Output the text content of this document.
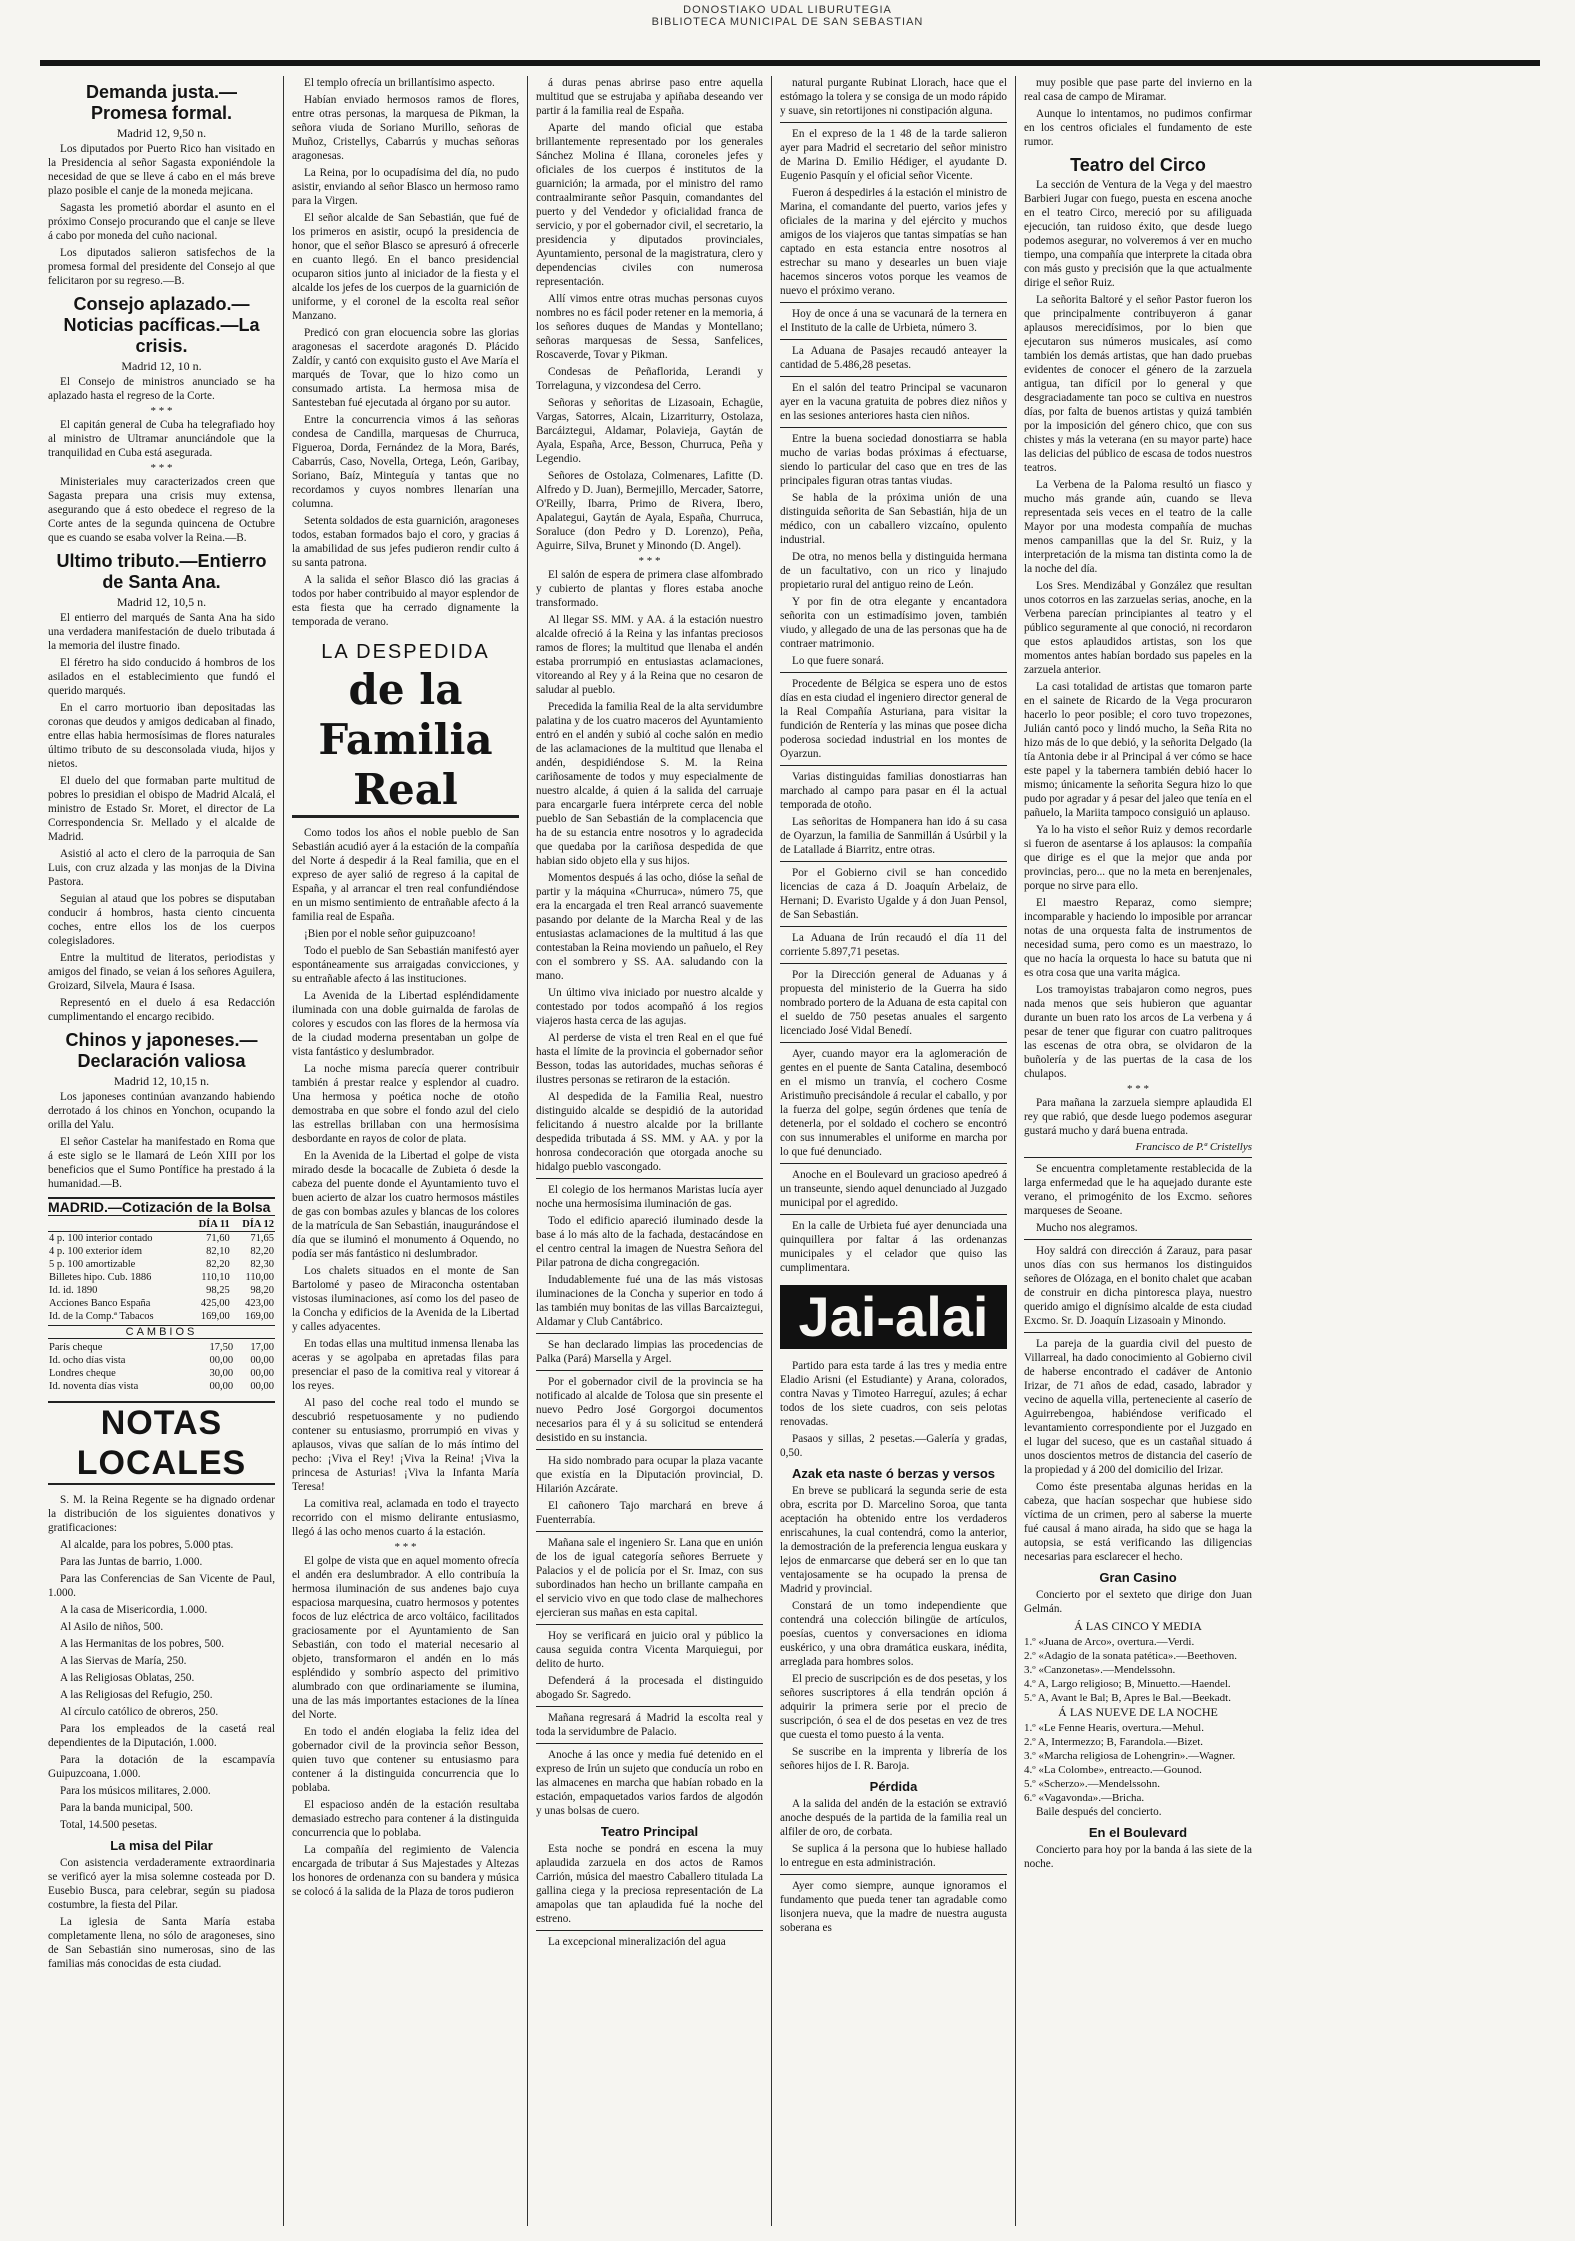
DONOSTIAKO UDAL LIBURUTEGIA
BIBLIOTECA MUNICIPAL DE SAN SEBASTIAN
Demanda justa.—Promesa formal.
Madrid 12, 9,50 n.

Los diputados por Puerto Rico han visitado en la Presidencia al señor Sagasta exponiéndole la necesidad de que se lleve á cabo en el más breve plazo posible el canje de la moneda mejicana.

Sagasta les prometió abordar el asunto en el próximo Consejo procurando que el canje se lleve á cabo por moneda del cuño nacional.

Los diputados salieron satisfechos de la promesa formal del presidente del Consejo al que felicitaron por su regreso.—B.

Consejo aplazado.—Noticias pacíficas.—La crisis.
Madrid 12, 10 n.

El Consejo de ministros anunciado se ha aplazado hasta el regreso de la Corte.

* * *

El capitán general de Cuba ha telegrafiado hoy al ministro de Ultramar anunciándole que la tranquilidad en Cuba está asegurada.

* * *

Ministeriales muy caracterizados creen que Sagasta prepara una crisis muy extensa, asegurando que á esto obedece el regreso de la Corte antes de la segunda quincena de Octubre que es cuando se esaba volver la Reina.—B.

Ultimo tributo.—Entierro de Santa Ana.
Madrid 12, 10,5 n.

El entierro del marqués de Santa Ana ha sido una verdadera manifestación de duelo tributada á la memoria del ilustre finado.

El féretro ha sido conducido á hombros de los asilados en el establecimiento que fundó el querido marqués.

En el carro mortuorio iban depositadas las coronas que deudos y amigos dedicaban al finado, entre ellas habia hermosísimas de flores naturales último tributo de su desconsolada viuda, hijos y nietos.

El duelo del que formaban parte multitud de pobres lo presidian el obispo de Madrid Alcalá, el ministro de Estado Sr. Moret, el director de La Correspondencia Sr. Mellado y el alcalde de Madrid.

Asistió al acto el clero de la parroquia de San Luis, con cruz alzada y las monjas de la Divina Pastora.

Seguian al ataud que los pobres se disputaban conducir á hombros, hasta ciento cincuenta coches, entre ellos los de los cuerpos colegisladores.

Entre la multitud de literatos, periodistas y amigos del finado, se veian á los señores Aguilera, Groizard, Silvela, Maura é Isasa.

Representó en el duelo á esa Redacción cumplimentando el encargo recibido.

Chinos y japoneses.—Declaración valiosa
Madrid 12, 10,15 n.

Los japoneses continúan avanzando habiendo derrotado á los chinos en Yonchon, ocupando la orilla del Yalu.

El señor Castelar ha manifestado en Roma que á este siglo se le llamará de León XIII por los beneficios que el Sumo Pontífice ha prestado á la humanidad.—B.

MADRID.—Cotización de la Bolsa
	DÍA 11	DÍA 12
4 p. 100 interior contado	71,60	71,65
4 p. 100 exterior ídem	82,10	82,20
5 p. 100 amortizable	82,20	82,30
Billetes hipo. Cub. 1886	110,10	110,00
Id. id. 1890	98,25	98,20
Acciones Banco España	425,00	423,00
Id. de la Comp.ª Tabacos	169,00	169,00
CAMBIOS
París cheque	17,50	17,00
Id. ocho días vista	00,00	00,00
Londres cheque	30,00	00,00
Id. noventa días vista	00,00	00,00
NOTAS LOCALES

S. M. la Reina Regente se ha dignado ordenar la distribución de los siguientes donativos y gratificaciones:

Al alcalde, para los pobres, 5.000 ptas.

Para las Juntas de barrio, 1.000.

Para las Conferencias de San Vicente de Paul, 1.000.

A la casa de Misericordia, 1.000.

Al Asilo de niños, 500.

A las Hermanitas de los pobres, 500.

A las Siervas de María, 250.

A las Religiosas Oblatas, 250.

A las Religiosas del Refugio, 250.

Al círculo católico de obreros, 250.

Para los empleados de la casetá real dependientes de la Diputación, 1.000.

Para la dotación de la escampavía Guipuzcoana, 1.000.

Para los músicos militares, 2.000.

Para la banda municipal, 500.

Total, 14.500 pesetas.

La misa del Pilar

Con asistencia verdaderamente extraordinaria se verificó ayer la misa solemne costeada por D. Eusebio Busca, para celebrar, según su piadosa costumbre, la fiesta del Pilar.

La iglesia de Santa María estaba completamente llena, no sólo de aragoneses, sino de San Sebastián sino numerosas, sino de las familias más conocidas de esta ciudad.

El templo ofrecía un brillantísimo aspecto.

Habían enviado hermosos ramos de flores, entre otras personas, la marquesa de Pikman, la señora viuda de Soriano Murillo, señoras de Muñoz, Cristellys, Cabarrús y muchas señoras aragonesas.

La Reina, por lo ocupadísima del día, no pudo asistir, enviando al señor Blasco un hermoso ramo para la Virgen.

El señor alcalde de San Sebastián, que fué de los primeros en asistir, ocupó la presidencia de honor, que el señor Blasco se apresuró á ofrecerle en cuanto llegó. En el banco presidencial ocuparon sitios junto al iniciador de la fiesta y el alcalde los jefes de los cuerpos de la guarnición de uniforme, y el coronel de la escolta real señor Manzano.

Predicó con gran elocuencia sobre las glorias aragonesas el sacerdote aragonés D. Plácido Zaldír, y cantó con exquisito gusto el Ave María el marqués de Tovar, que lo hizo como un consumado artista. La hermosa misa de Santesteban fué ejecutada al órgano por su autor.

Entre la concurrencia vimos á las señoras condesa de Candilla, marquesas de Churruca, Figueroa, Dorda, Fernández de la Mora, Barés, Cabarrús, Caso, Novella, Ortega, León, Garibay, Soriano, Baíz, Minteguía y tantas que no recordamos y cuyos nombres llenarían una columna.

Setenta soldados de esta guarnición, aragoneses todos, estaban formados bajo el coro, y gracias á la amabilidad de sus jefes pudieron rendir culto á su santa patrona.

A la salida el señor Blasco dió las gracias á todos por haber contribuido al mayor esplendor de esta fiesta que ha cerrado dignamente la temporada de verano.

LA DESPEDIDA
de la Familia Real

Como todos los años el noble pueblo de San Sebastián acudió ayer á la estación de la compañía del Norte á despedir á la Real familia, que en el expreso de ayer salió de regreso á la capital de España, y al arrancar el tren real confundiéndose en un mismo sentimiento de entrañable afecto á la familia real de España.

¡Bien por el noble señor guipuzcoano!

Todo el pueblo de San Sebastián manifestó ayer espontáneamente sus arraigadas convicciones, y su entrañable afecto á las instituciones.

La Avenida de la Libertad espléndidamente iluminada con una doble guirnalda de farolas de colores y escudos con las flores de la hermosa vía de la ciudad moderna presentaban un golpe de vista fantástico y deslumbrador.

La noche misma parecía querer contribuir también á prestar realce y esplendor al cuadro. Una hermosa y poética noche de otoño demostraba en que sobre el fondo azul del cielo las estrellas brillaban con una hermosísima desbordante en rayos de color de plata.

En la Avenida de la Libertad el golpe de vista mirado desde la bocacalle de Zubieta ó desde la cabeza del puente donde el Ayuntamiento tuvo el buen acierto de alzar los cuatro hermosos mástiles de gas con bombas azules y blancas de los colores de la matrícula de San Sebastián, inaugurándose el día que se iluminó el monumento á Oquendo, no podía ser más fantástico ni deslumbrador.

Los chalets situados en el monte de San Bartolomé y paseo de Miraconcha ostentaban vistosas iluminaciones, así como los del paseo de la Concha y edificios de la Avenida de la Libertad y calles adyacentes.

En todas ellas una multitud inmensa llenaba las aceras y se agolpaba en apretadas filas para presenciar el paso de la comitiva real y vitorear á los reyes.

Al paso del coche real todo el mundo se descubrió respetuosamente y no pudiendo contener su entusiasmo, prorrumpió en vivas y aplausos, vivas que salían de lo más íntimo del pecho: ¡Viva el Rey! ¡Viva la Reina! ¡Viva la princesa de Asturias! ¡Viva la Infanta María Teresa!

La comitiva real, aclamada en todo el trayecto recorrido con el mismo delirante entusiasmo, llegó á las ocho menos cuarto á la estación.

* * *

El golpe de vista que en aquel momento ofrecía el andén era deslumbrador. A ello contribuía la hermosa iluminación de sus andenes bajo cuya espaciosa marquesina, cuatro hermosos y potentes focos de luz eléctrica de arco voltáico, facilitados graciosamente por el Ayuntamiento de San Sebastián, con todo el material necesario al objeto, transformaron el andén en lo más espléndido y sombrío aspecto del primitivo alumbrado con que ordinariamente se ilumina, una de las más importantes estaciones de la línea del Norte.

En todo el andén elogiaba la feliz idea del gobernador civil de la provincia señor Besson, quien tuvo que contener su entusiasmo para contener á la distinguida concurrencia que lo poblaba.

El espacioso andén de la estación resultaba demasiado estrecho para contener á la distinguida concurrencia que lo poblaba.

La compañía del regimiento de Valencia encargada de tributar á Sus Majestades y Altezas los honores de ordenanza con su bandera y música se colocó á la salida de la Plaza de toros pudieron

á duras penas abrirse paso entre aquella multitud que se estrujaba y apiñaba deseando ver partir á la familia real de España.

Aparte del mando oficial que estaba brillantemente representado por los generales Sánchez Molina é Illana, coroneles jefes y oficiales de los cuerpos é institutos de la guarnición; la armada, por el ministro del ramo contraalmirante señor Pasquin, comandantes del puerto y del Vendedor y oficialidad franca de servicio, y por el gobernador civil, el secretario, la presidencia y diputados provinciales, Ayuntamiento, personal de la magistratura, clero y dependencias civiles con numerosa representación.

Allí vimos entre otras muchas personas cuyos nombres no es fácil poder retener en la memoria, á los señores duques de Mandas y Montellano; señoras marquesas de Sessa, Sanfelices, Roscaverde, Tovar y Pikman.

Condesas de Peñaflorida, Lerandi y Torrelaguna, y vizcondesa del Cerro.

Señoras y señoritas de Lizasoain, Echagüe, Vargas, Satorres, Alcain, Lizarriturry, Ostolaza, Barcáiztegui, Aldamar, Polavieja, Gaytán de Ayala, España, Arce, Besson, Churruca, Peña y Legendio.

Señores de Ostolaza, Colmenares, Lafitte (D. Alfredo y D. Juan), Bermejillo, Mercader, Satorre, O'Reilly, Ibarra, Primo de Rivera, Ibero, Apalategui, Gaytán de Ayala, España, Churruca, Soraluce (don Pedro y D. Lorenzo), Peña, Aguirre, Silva, Brunet y Minondo (D. Angel).

* * *

El salón de espera de primera clase alfombrado y cubierto de plantas y flores estaba anoche transformado.

Al llegar SS. MM. y AA. á la estación nuestro alcalde ofreció á la Reina y las infantas preciosos ramos de flores; la multitud que llenaba el andén estaba prorrumpió en entusiastas aclamaciones, vitoreando al Rey y á la Reina que no cesaron de saludar al pueblo.

Precedida la familia Real de la alta servidumbre palatina y de los cuatro maceros del Ayuntamiento entró en el andén y subió al coche salón en medio de las aclamaciones de la multitud que llenaba el andén, despidiéndose S. M. la Reina cariñosamente de todos y muy especialmente de nuestro alcalde, á quien á la salida del carruaje para encargarle fuera intérprete cerca del noble pueblo de San Sebastián de la complacencia que ha de su estancia entre nosotros y lo agradecida que quedaba por la cariñosa despedida de que habian sido objeto ella y sus hijos.

Momentos después á las ocho, dióse la señal de partir y la máquina «Churruca», número 75, que era la encargada el tren Real arrancó suavemente pasando por delante de la Marcha Real y de las entusiastas aclamaciones de la multitud á las que contestaban la Reina moviendo un pañuelo, el Rey con el sombrero y SS. AA. saludando con la mano.

Un último viva iniciado por nuestro alcalde y contestado por todos acompañó á los regios viajeros hasta cerca de las agujas.

Al perderse de vista el tren Real en el que fué hasta el límite de la provincia el gobernador señor Besson, todas las autoridades, muchas señoras é ilustres personas se retiraron de la estación.

Al despedida de la Familia Real, nuestro distinguido alcalde se despidió de la autoridad felicitando á nuestro alcalde por la brillante despedida tributada á SS. MM. y AA. y por la honrosa condecoración que otorgada anoche su hidalgo pueblo vascongado.

El colegio de los hermanos Maristas lucía ayer noche una hermosísima iluminación de gas.

Todo el edificio apareció iluminado desde la base á lo más alto de la fachada, destacándose en el centro central la imagen de Nuestra Señora del Pilar patrona de dicha congregación.

Indudablemente fué una de las más vistosas iluminaciones de la Concha y superior en todo á las también muy bonitas de las villas Barcaiztegui, Aldamar y Club Cantábrico.

Se han declarado limpias las procedencias de Palka (Pará) Marsella y Argel.

Por el gobernador civil de la provincia se ha notificado al alcalde de Tolosa que sin presente el nuevo Pedro José Gorgorgoi documentos necesarios para él y á su solicitud se entenderá desistido en su instancia.

Ha sido nombrado para ocupar la plaza vacante que existía en la Diputación provincial, D. Hilarión Azcárate.

El cañonero Tajo marchará en breve á Fuenterrabía.

Mañana sale el ingeniero Sr. Lana que en unión de los de igual categoría señores Berruete y Palacios y el de policía por el Sr. Imaz, con sus subordinados han hecho un brillante campaña en el servicio vivo en que todo clase de malhechores ejercieran sus mañas en esta capital.

Hoy se verificará en juicio oral y público la causa seguida contra Vicenta Marquiegui, por delito de hurto.

Defenderá á la procesada el distinguido abogado Sr. Sagredo.

Mañana regresará á Madrid la escolta real y toda la servidumbre de Palacio.

Anoche á las once y media fué detenido en el expreso de Irún un sujeto que conducía un robo en las almacenes en marcha que habían robado en la estación, empaquetados varios fardos de algodón y unas bolsas de cuero.

Teatro Principal

Esta noche se pondrá en escena la muy aplaudida zarzuela en dos actos de Ramos Carrión, música del maestro Caballero titulada La gallina ciega y la preciosa representación de La amapolas que tan aplaudida fué la noche del estreno.

La excepcional mineralización del agua

natural purgante Rubinat Llorach, hace que el estómago la tolera y se consiga de un modo rápido y suave, sin retortijones ni constipación alguna.

En el expreso de la 1 48 de la tarde salieron ayer para Madrid el secretario del señor ministro de Marina D. Emilio Hédiger, el ayudante D. Eugenio Pasquín y el oficial señor Vicente.

Fueron á despedirles á la estación el ministro de Marina, el comandante del puerto, varios jefes y oficiales de la marina y del ejército y muchos amigos de los viajeros que tantas simpatías se han captado en esta estancia entre nosotros al estrechar su mano y desearles un buen viaje hacemos sinceros votos porque les veamos de nuevo el próximo verano.

Hoy de once á una se vacunará de la ternera en el Instituto de la calle de Urbieta, número 3.

La Aduana de Pasajes recaudó anteayer la cantidad de 5.486,28 pesetas.

En el salón del teatro Principal se vacunaron ayer en la vacuna gratuita de pobres diez niños y en las sesiones anteriores hasta cien niños.

Entre la buena sociedad donostiarra se habla mucho de varias bodas próximas á efectuarse, siendo lo particular del caso que en tres de las principales figuran otras tantas viudas.

Se habla de la próxima unión de una distinguida señorita de San Sebastián, hija de un médico, con un caballero vizcaíno, opulento industrial.

De otra, no menos bella y distinguida hermana de un facultativo, con un rico y linajudo propietario rural del antiguo reino de León.

Y por fin de otra elegante y encantadora señorita con un estimadísimo joven, también viudo, y allegado de una de las personas que ha de contraer matrimonio.

Lo que fuere sonará.

Procedente de Bélgica se espera uno de estos días en esta ciudad el ingeniero director general de la Real Compañía Asturiana, para visitar la fundición de Rentería y las minas que posee dicha poderosa sociedad industrial en los montes de Oyarzun.

Varias distinguidas familias donostiarras han marchado al campo para pasar en él la actual temporada de otoño.

Las señoritas de Hompanera han ido á su casa de Oyarzun, la familia de Sanmillán á Usúrbil y la de Latallade á Biarritz, entre otras.

Por el Gobierno civil se han concedido licencias de caza á D. Joaquín Arbelaiz, de Hernani; D. Evaristo Ugalde y á don Juan Pensol, de San Sebastián.

La Aduana de Irún recaudó el día 11 del corriente 5.897,71 pesetas.

Por la Dirección general de Aduanas y á propuesta del ministerio de la Guerra ha sido nombrado portero de la Aduana de esta capital con el sueldo de 750 pesetas anuales el sargento licenciado José Vidal Benedí.

Ayer, cuando mayor era la aglomeración de gentes en el puente de Santa Catalina, desembocó en el mismo un tranvía, el cochero Cosme Aristimuño precisándole á recular el caballo, y por la fuerza del golpe, según órdenes que tenía de detenerla, por el soldado el cochero se encontró con sus innumerables el uniforme en marcha por lo que fué denunciado.

Anoche en el Boulevard un gracioso apedreó á un transeunte, siendo aquel denunciado al Juzgado municipal por el agredido.

En la calle de Urbieta fué ayer denunciada una quinquillera por faltar á las ordenanzas municipales y el celador que quiso las cumplimentara.

Jai-alai

Partido para esta tarde á las tres y media entre Eladio Arisni (el Estudiante) y Arana, colorados, contra Navas y Timoteo Harreguí, azules; á echar todos de los siete cuadros, con seis pelotas renovadas.

Pasaos y sillas, 2 pesetas.—Galería y gradas, 0,50.

Azak eta naste ó berzas y versos

En breve se publicará la segunda serie de esta obra, escrita por D. Marcelino Soroa, que tanta aceptación ha obtenido entre los verdaderos enriscahunes, la cual contendrá, como la anterior, la demostración de la preferencia lengua euskara y lejos de enmarcarse que deberá ser en lo que tan ventajosamente se ha ocupado la prensa de Madrid y provincial.

Constará de un tomo independiente que contendrá una colección bilingüe de artículos, poesías, cuentos y conversaciones en idioma euskérico, y una obra dramática euskara, inédita, arreglada para hombres solos.

El precio de suscripción es de dos pesetas, y los señores suscriptores á ella tendrán opción á adquirir la primera serie por el precio de suscripción, ó sea el de dos pesetas en vez de tres que cuesta el tomo puesto á la venta.

Se suscribe en la imprenta y librería de los señores hijos de I. R. Baroja.

Pérdida

A la salida del andén de la estación se extravió anoche después de la partida de la familia real un alfiler de oro, de corbata.

Se suplica á la persona que lo hubiese hallado lo entregue en esta administración.

Ayer como siempre, aunque ignoramos el fundamento que pueda tener tan agradable como lisonjera nueva, que la madre de nuestra augusta soberana es

muy posible que pase parte del invierno en la real casa de campo de Miramar.

Aunque lo intentamos, no pudimos confirmar en los centros oficiales el fundamento de este rumor.

Teatro del Circo

La sección de Ventura de la Vega y del maestro Barbieri Jugar con fuego, puesta en escena anoche en el teatro Circo, mereció por su afiliguada ejecución, tan ruidoso éxito, que desde luego podemos asegurar, no volveremos á ver en mucho tiempo, una compañía que interprete la citada obra con más gusto y precisión que la que actualmente dirige el señor Ruiz.

La señorita Baltoré y el señor Pastor fueron los que principalmente contribuyeron á ganar aplausos merecidísimos, por lo bien que ejecutaron sus números musicales, así como también los demás artistas, que han dado pruebas evidentes de conocer el género de la zarzuela antigua, tan difícil por lo general y que desgraciadamente tan poco se cultiva en nuestros días, por falta de buenos artistas y quizá también por la imposición del género chico, que con sus chistes y más la veterana (en su mayor parte) hace las delicias del público de escasa de todos nuestros teatros.

La Verbena de la Paloma resultó un fiasco y mucho más grande aún, cuando se lleva representada seis veces en el teatro de la calle Mayor por una modesta compañía de muchas menos campanillas que la del Sr. Ruiz, y la interpretación de la misma tan distinta como la de la noche del día.

Los Sres. Mendizábal y González que resultan unos cotorros en las zarzuelas serias, anoche, en la Verbena parecían principiantes al teatro y el público seguramente al que conoció, ni recordaron que estos aplaudidos artistas, son los que momentos antes habían bordado sus papeles en la zarzuela anterior.

La casi totalidad de artistas que tomaron parte en el sainete de Ricardo de la Vega procuraron hacerlo lo peor posible; el coro tuvo tropezones, Julián cantó poco y lindó mucho, la Seña Rita no hizo más de lo que debió, y la señorita Delgado (la tía Antonia debe ir al Principal á ver cómo se hace este papel y la tabernera también debió hacer lo mismo; únicamente la señorita Segura hizo lo que pudo por agradar y á pesar del jaleo que tenía en el pañuelo, la Mariita tampoco consiguió un aplauso.

Ya lo ha visto el señor Ruiz y demos recordarle si fueron de asentarse á los aplausos: la compañía que dirige es el que la mejor que anda por provincias, pero... que no la meta en berenjenales, porque no sirve para ello.

El maestro Reparaz, como siempre; incomparable y haciendo lo imposible por arrancar notas de una orquesta falta de instrumentos de necesidad suma, pero como es un maestrazo, lo que no hacía la orquesta lo hace su batuta que ni es otra cosa que una varita mágica.

Los tramoyistas trabajaron como negros, pues nada menos que seis hubieron que aguantar durante un buen rato los arcos de La verbena y á pesar de tener que figurar con cuatro palitroques las escenas de otra obra, se olvidaron de la buñolería y de las puertas de la casa de los chulapos.

* * *

Para mañana la zarzuela siempre aplaudida El rey que rabió, que desde luego podemos asegurar gustará mucho y dará buena entrada.

Francisco de P.ª Cristellys

Se encuentra completamente restablecida de la larga enfermedad que le ha aquejado durante este verano, el primogénito de los Excmo. señores marqueses de Seoane.

Mucho nos alegramos.

Hoy saldrá con dirección á Zarauz, para pasar unos días con sus hermanos los distinguidos señores de Olózaga, en el bonito chalet que acaban de construir en dicha pintoresca playa, nuestro querido amigo el dignísimo alcalde de esta ciudad Excmo. Sr. D. Joaquín Lizasoain y Minondo.

La pareja de la guardia civil del puesto de Villarreal, ha dado conocimiento al Gobierno civil de haberse encontrado el cadáver de Antonio Irizar, de 71 años de edad, casado, labrador y vecino de aquella villa, perteneciente al caserío de Aguirrebengoa, habiéndose verificado el levantamiento correspondiente por el Juzgado en el lugar del suceso, que es un castañal situado á unos doscientos metros de distancia del caserío de la propiedad y á 200 del domicilio del Irizar.

Como éste presentaba algunas heridas en la cabeza, que hacían sospechar que hubiese sido víctima de un crimen, pero al saberse la muerte fué causal á mano airada, ha sido que se haga la autopsia, se está verificando las diligencias necesarias para esclarecer el hecho.

Gran Casino

Concierto por el sexteto que dirige don Juan Gelmán.

Á LAS CINCO Y MEDIA
1.º «Juana de Arco», overtura.—Verdi.
2.º «Adagio de la sonata patética».—Beethoven.
3.º «Canzonetas».—Mendelssohn.
4.º A, Largo religioso; B, Minuetto.—Haendel.
5.º A, Avant le Bal; B, Apres le Bal.—Beekadt.
Á LAS NUEVE DE LA NOCHE
1.º «Le Fenne Hearis, overtura.—Mehul.
2.º A, Intermezzo; B, Farandola.—Bizet.
3.º «Marcha religiosa de Lohengrin».—Wagner.
4.º «La Colombe», entreacto.—Gounod.
5.º «Scherzo».—Mendelssohn.
6.º «Vagavonda».—Bricha.

Baile después del concierto.

En el Boulevard

Concierto para hoy por la banda á las siete de la noche.
